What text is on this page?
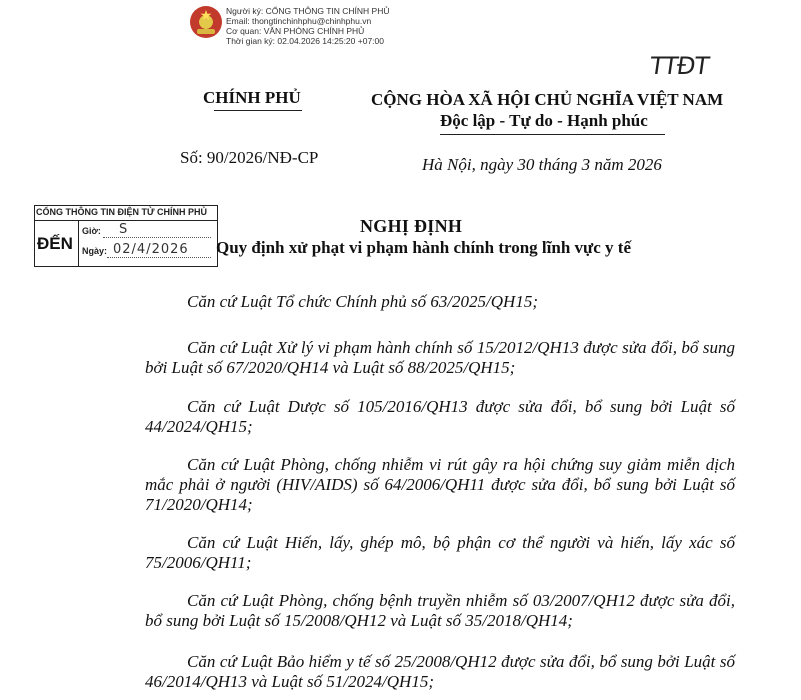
★	Người ký: CỔNG THÔNG TIN CHÍNH PHỦ
Email: thongtinchinhphu@chinhphu.vn
Cơ quan: VĂN PHÒNG CHÍNH PHỦ
Thời gian ký: 02.04.2026 14:25:20 +07:00
TTĐT
CHÍNH PHỦ	CỘNG HÒA XÃ HỘI CHỦ NGHĨA VIỆT NAM
Độc lập - Tự do - Hạnh phúc
Số: 90/2026/NĐ-CP	Hà Nội, ngày 30 tháng 3 năm 2026
CỔNG THÔNG TIN ĐIỆN TỬ CHÍNH PHỦ
ĐẾN
Giờ: S
Ngày: 02/4/2026
NGHỊ ĐỊNH
Quy định xử phạt vi phạm hành chính trong lĩnh vực y tế
Căn cứ Luật Tổ chức Chính phủ số 63/2025/QH15;
Căn cứ Luật Xử lý vi phạm hành chính số 15/2012/QH13 được sửa đổi, bổ sung bởi Luật số 67/2020/QH14 và Luật số 88/2025/QH15;
Căn cứ Luật Dược số 105/2016/QH13 được sửa đổi, bổ sung bởi Luật số 44/2024/QH15;
Căn cứ Luật Phòng, chống nhiễm vi rút gây ra hội chứng suy giảm miễn dịch mắc phải ở người (HIV/AIDS) số 64/2006/QH11 được sửa đổi, bổ sung bởi Luật số 71/2020/QH14;
Căn cứ Luật Hiến, lấy, ghép mô, bộ phận cơ thể người và hiến, lấy xác số 75/2006/QH11;
Căn cứ Luật Phòng, chống bệnh truyền nhiễm số 03/2007/QH12 được sửa đổi, bổ sung bởi Luật số 15/2008/QH12 và Luật số 35/2018/QH14;
Căn cứ Luật Bảo hiểm y tế số 25/2008/QH12 được sửa đổi, bổ sung bởi Luật số 46/2014/QH13 và Luật số 51/2024/QH15;
